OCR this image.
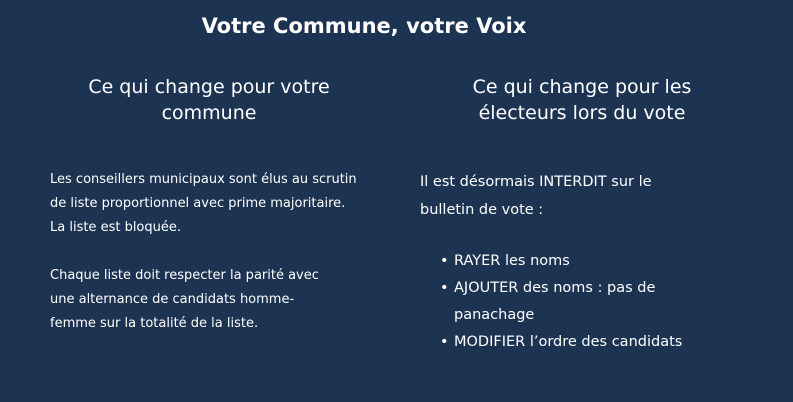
Votre Commune, votre Voix
Ce qui change pour votre
commune
Ce qui change pour les
électeurs lors du vote

Les conseillers municipaux sont élus au scrutin
de liste proportionnel avec prime majoritaire.
La liste est bloquée.

Chaque liste doit respecter la parité avec
une alternance de candidats homme-
femme sur la totalité de la liste.

Il est désormais INTERDIT sur le
bulletin de vote :

• RAYER les noms
• AJOUTER des noms : pas de
panachage
• MODIFIER l’ordre des candidats
